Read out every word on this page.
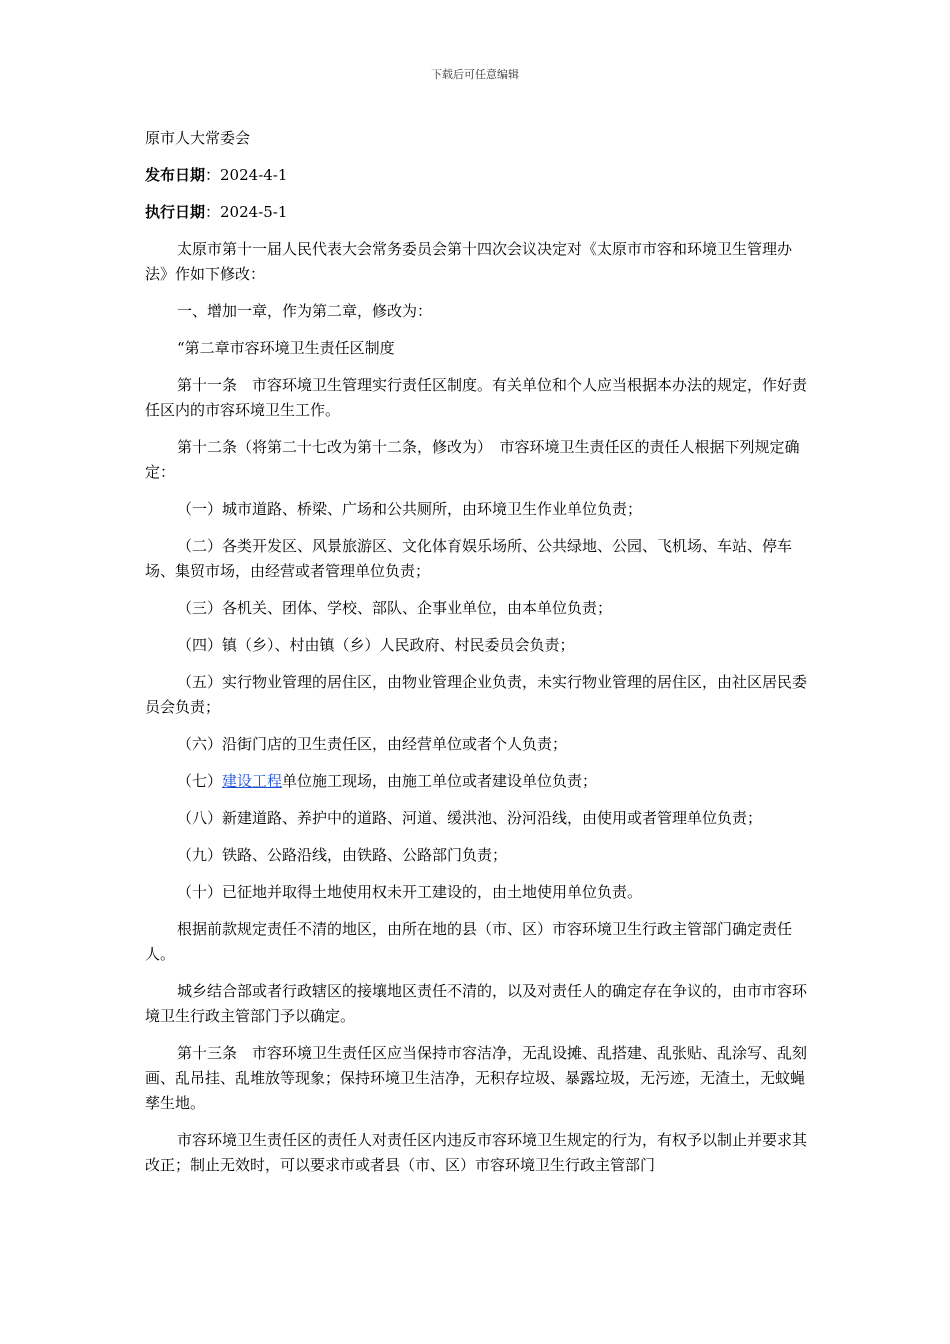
下载后可任意编辑

原市人大常委会

发布日期：2024-4-1

执行日期：2024-5-1

太原市第十一届人民代表大会常务委员会第十四次会议决定对《太原市市容和环境卫生管理办法》作如下修改：

一、增加一章，作为第二章，修改为：

“第二章市容环境卫生责任区制度

第十一条　市容环境卫生管理实行责任区制度。有关单位和个人应当根据本办法的规定，作好责任区内的市容环境卫生工作。

第十二条（将第二十七改为第十二条，修改为）　市容环境卫生责任区的责任人根据下列规定确定：

（一）城市道路、桥梁、广场和公共厕所，由环境卫生作业单位负责；

（二）各类开发区、风景旅游区、文化体育娱乐场所、公共绿地、公园、飞机场、车站、停车场、集贸市场，由经营或者管理单位负责；

（三）各机关、团体、学校、部队、企事业单位，由本单位负责；

（四）镇（乡）、村由镇（乡）人民政府、村民委员会负责；

（五）实行物业管理的居住区，由物业管理企业负责，未实行物业管理的居住区，由社区居民委员会负责；

（六）沿街门店的卫生责任区，由经营单位或者个人负责；

（七）建设工程单位施工现场，由施工单位或者建设单位负责；

（八）新建道路、养护中的道路、河道、缓洪池、汾河沿线，由使用或者管理单位负责；

（九）铁路、公路沿线，由铁路、公路部门负责；

（十）已征地并取得土地使用权未开工建设的，由土地使用单位负责。

根据前款规定责任不清的地区，由所在地的县（市、区）市容环境卫生行政主管部门确定责任人。

城乡结合部或者行政辖区的接壤地区责任不清的，以及对责任人的确定存在争议的，由市市容环境卫生行政主管部门予以确定。

第十三条　市容环境卫生责任区应当保持市容洁净，无乱设摊、乱搭建、乱张贴、乱涂写、乱刻画、乱吊挂、乱堆放等现象；保持环境卫生洁净，无积存垃圾、暴露垃圾，无污迹，无渣土，无蚊蝇孳生地。

市容环境卫生责任区的责任人对责任区内违反市容环境卫生规定的行为，有权予以制止并要求其改正；制止无效时，可以要求市或者县（市、区）市容环境卫生行政主管部门
